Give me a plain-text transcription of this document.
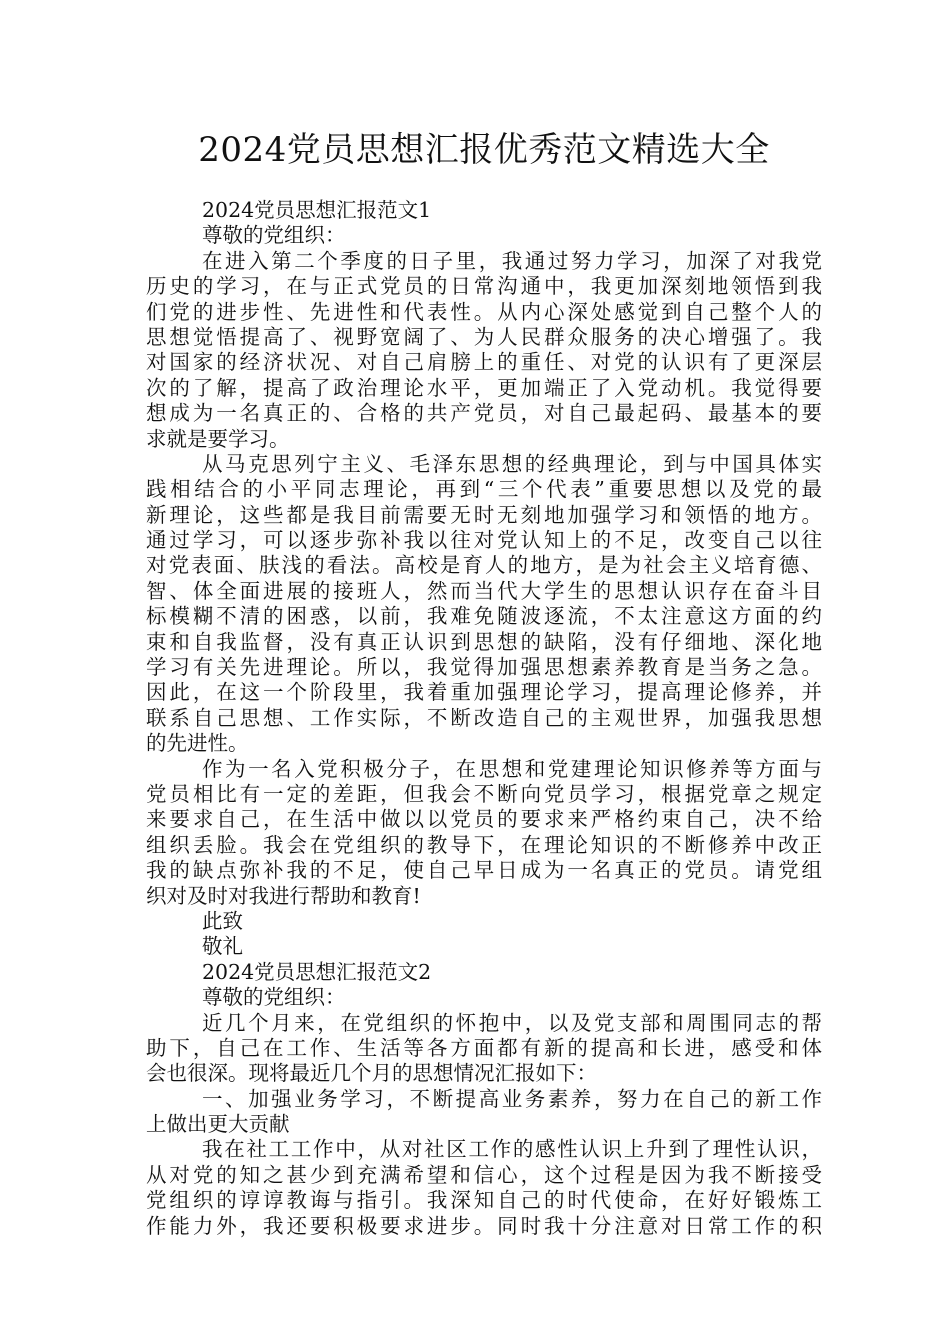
2024党员思想汇报优秀范文精选大全
2024党员思想汇报范文1
尊敬的党组织：
在进入第二个季度的日子里，我通过努力学习，加深了对我党
历史的学习，在与正式党员的日常沟通中，我更加深刻地领悟到我
们党的进步性、先进性和代表性。从内心深处感觉到自己整个人的
思想觉悟提高了、视野宽阔了、为人民群众服务的决心增强了。我
对国家的经济状况、对自己肩膀上的重任、对党的认识有了更深层
次的了解，提高了政治理论水平，更加端正了入党动机。我觉得要
想成为一名真正的、合格的共产党员，对自己最起码、最基本的要
求就是要学习。
从马克思列宁主义、毛泽东思想的经典理论，到与中国具体实
践相结合的小平同志理论，再到“三个代表”重要思想以及党的最
新理论，这些都是我目前需要无时无刻地加强学习和领悟的地方。
通过学习，可以逐步弥补我以往对党认知上的不足，改变自己以往
对党表面、肤浅的看法。高校是育人的地方，是为社会主义培育德、
智、体全面进展的接班人，然而当代大学生的思想认识存在奋斗目
标模糊不清的困惑，以前，我难免随波逐流，不太注意这方面的约
束和自我监督，没有真正认识到思想的缺陷，没有仔细地、深化地
学习有关先进理论。所以，我觉得加强思想素养教育是当务之急。
因此，在这一个阶段里，我着重加强理论学习，提高理论修养，并
联系自己思想、工作实际，不断改造自己的主观世界，加强我思想
的先进性。
作为一名入党积极分子，在思想和党建理论知识修养等方面与
党员相比有一定的差距，但我会不断向党员学习，根据党章之规定
来要求自己，在生活中做以以党员的要求来严格约束自己，决不给
组织丢脸。我会在党组织的教导下，在理论知识的不断修养中改正
我的缺点弥补我的不足，使自己早日成为一名真正的党员。请党组
织对及时对我进行帮助和教育!
此致
敬礼
2024党员思想汇报范文2
尊敬的党组织：
近几个月来，在党组织的怀抱中，以及党支部和周围同志的帮
助下，自己在工作、生活等各方面都有新的提高和长进，感受和体
会也很深。现将最近几个月的思想情况汇报如下：
一、加强业务学习，不断提高业务素养，努力在自己的新工作
上做出更大贡献
我在社工工作中，从对社区工作的感性认识上升到了理性认识，
从对党的知之甚少到充满希望和信心，这个过程是因为我不断接受
党组织的谆谆教诲与指引。我深知自己的时代使命，在好好锻炼工
作能力外，我还要积极要求进步。同时我十分注意对日常工作的积
